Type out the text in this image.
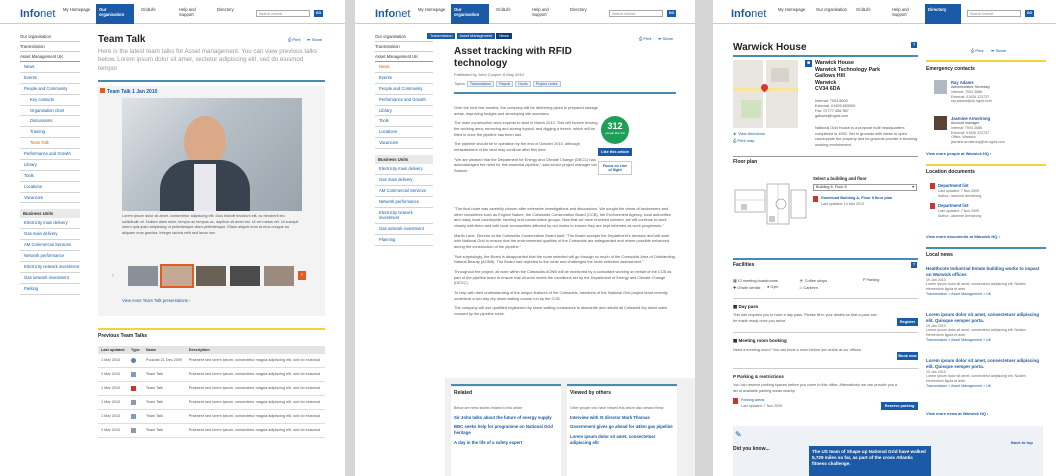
Infonet	My Homepage	Our organisation
GridLife	Help and Support
Directory
Search Infonet	GO
Our organisation
Transmission
Asset Management UK
News
Events
People and Community
Key contacts
Organisation chart
Discussions
Training
Team Talk
Performance and Growth
Library
Tools
Locations
Vacancies
Business Units
Electricity main delivery
Gas main delivery
AM Commercial Services
Network performance
Electricity network investment
Gas network investment
Parking
⎙ Print ➦ Share
Team Talk
Here is the latest team talks for Asset management. You can view previous talks below. Lorem ipsum dolor sit amet, sectetur adipiscing elit, sed do eiusmod tempor
Team Talk 1 Jan 2010
Lorem ipsum dolor sit amet, consectetur adipiscing elit. Duis blandit tincidunt elit, ac hendrerit leo sollicitudin et. Nullam diam enim, tempor ac tempus ac, dapibus sit amet est. Ut vel metus vel. Ut suscipit lorem quis justo adipiscing ut pellentesque diam pellentesque. Etiam aliquet eros at eros congue eu aliquam eros gravida. Integer lacinia velit sed lacus nec.
‹	›
View more Team Talk presentations ›
Previous Team Talks
Last updated	Type	Name	Description
1 Mar 2010		Podcast 21 Dec 2009	Praesent sed lorem ipsum, consectetur magna adipiscing elit, sed do eiusmod
1 Mar 2010		Team Talk	Praesent sed lorem ipsum, consectetur magna adipiscing elit, sed do eiusmod
1 Mar 2010		Team Talk	Praesent sed lorem ipsum, consectetur magna adipiscing elit, sed do eiusmod
1 Mar 2010		Team Talk	Praesent sed lorem ipsum, consectetur magna adipiscing elit, sed do eiusmod
1 Mar 2010		Team Talk	Praesent sed lorem ipsum, consectetur magna adipiscing elit, sed do eiusmod
1 Mar 2010		Team Talk	Praesent sed lorem ipsum, consectetur magna adipiscing elit, sed do eiusmod
Infonet	My Homepage	Our organisation
GridLife	Help and Support
Directory
Search Infonet	GO
Our organisation
Transmission
Asset Management UK
News
Events
People and Community
Performance and Growth
Library
Tools
Locations
Vacancies
Business Units
Electricity main delivery
Gas main delivery
AM Commercial Services
Network performance
Electricity network investment
Gas network investment
Planning
Transmission Asset Management News	⎙ Print ➦ Share
Asset tracking with RFID technology
Published by John Cooper, 8 May 2010
Topics: Transmission Payroll Hours Project codes

Over the next few months, the company will be delivering pipes to prepared storage areas, improving hedges and developing site accesses.

The main construction work expects to start in March 2012. This will involve fencing the working area, removing and storing topsoil, and digging a trench, which will be filled in once the pipeline has been laid.

The pipeline should be in operation by the end of October 2010, although reinstatement of the land may continue after this time.

"We are pleased that the Department for Energy and Climate Change (DECC) has acknowledged the need for this essential pipeline," said senior project manager Ian Sanson.

"The final route was carefully chosen after extensive investigations and discussions. We sought the views of landowners and other consultees such as English Nature, the Cotswolds Conservation Board (CCB), the Environment Agency, local authorities and many local countryside, farming and conservation groups. Now that we have received consent, we will continue to work closely with them and with local communities affected by our works to ensure they are kept informed as work progresses."

Martin Lane, Director at the Cotswolds Conservation Board said: "The Board accepts the Department's decision and will work with National Grid to ensure that the environmental qualities of the Cotswolds are safeguarded and where possible enhanced, during the construction of the pipeline."

"Not surprisingly, the Board is disappointed that the route selected will go through so much of the Cotswolds Area of Outstanding Natural Beauty (AONB). The Board had objected to the route and challenged the route selection assessment."

Throughout the project, all work within the Cotswolds AONB will be monitored by a consultant working on behalf of the CCB as part of the pipeline team to ensure that all work meets the conditions set by the Department of Energy and Climate Change (DECC).

To help with their understanding of the unique features of the Cotswolds, members of the National Grid project team recently undertook a two-day dry stone walling course run by the CCB.

The company will use qualified registered dry stone walling contractors to dismantle and rebuild all Cotswold dry stone walls crossed by the pipeline route.

312
people like this
Like this article
Focus on Line of Sight
Related
Below are news stories related to this article
Sir John talks about the future of energy supply
BBC seeks help for programme on National Grid heritage
A day in the life of a safety expert
Viewed by others
Other people who have viewed this article also viewed these
Interview with IS director Mark Thomas
Government gives go ahead for 44km gas pipeline
Lorem ipsum dolor sit amet, consectetuer adipiscing elit
Infonet	My Homepage	Our organisation	GridLife	Help and Support
Directory
Search Infonet	GO
Warwick House	⎙ Print ➦ Share
?
► View directions
⎙ Print map
■ Warwick House
Warwick Technology Park
Gallows Hill
Warwick
CV34 6DA
Internal: 7004 8900
External: 01926 653000
Fax: 07777 456 987
gallows@ngrid.com
National Grid House is a purpose built headquarters completed in 1992. Set in grounds with views to open countryside the property and its grounds provide a stunning working environment.
Floor plan
Select a building and floor
Building 6, Floor 8	▾
Download Building A, Floor 8 floor plan
Last updated: 14 Mar 2010
Facilities	?
▦ 12 meeting boardrooms	☕ Coffee shops	P Parking
✚ Onsite dentist ● Gym	♨ Canteen
▦ Day pass
This site requires you to have a day pass. Please fill in your details so that a pass can be made ready once you arrive.	Register
▦ Meeting room booking
Need a meeting room? You can book a room before you arrive at our offices.
Book now
P Parking & restrictions
You can reserve parking spaces before you come to this office. Alternatively we can provide you a list of available parking areas nearby.
Parking areas
Last updated: 7 Nov 2005	Reserve parking
✎
Did you know...	The US team of Shape up National Grid have walked 5,729 miles so far, as part of the cross Atlantic fitness challenge.
Back to top
Emergency contacts
Ray Adams
Administrative Secretary
Internal: 7004 3586
External: 01926 123737
ray.adams@uk.ngrid.com
Jasmine Armstrong
Account manager
Internal: 7004 3586
External: 01926 123737
Office: Warwick
jasmine.armstrong@uk.ngrid.com
View more people at Warwick HQ ›
Location documents
Department list
Last updated: 7 Nov 2009
Author: Jasmine Armstrong
Department list
Last updated: 7 Nov 2009
Author: Jasmine Armstrong
View more documents at Warwick HQ ›
Local news
Healthcote Industrial Estate building works to impact on Warwick offices
19 Jan 2010
Lorem ipsum dolor sit amet, consectetur adipiscing elit. Nullam elementum ligula et ante.
Transmission > Asset Management > UK
Lorem ipsum dolor sit amet, consectetuer adipiscing elit. Quisque semper porta.
19 Jan 2010
Lorem ipsum dolor sit amet, consectetur adipiscing elit. Nullam elementum ligula et ante.
Transmission > Asset Management > UK
Lorem ipsum dolor sit amet, consectetuer adipiscing elit. Quisque semper porta.
19 Jan 2010
Lorem ipsum dolor sit amet, consectetur adipiscing elit. Nullam elementum ligula et ante.
Transmission > Asset Management > UK
View more news at Warwick HQ ›
